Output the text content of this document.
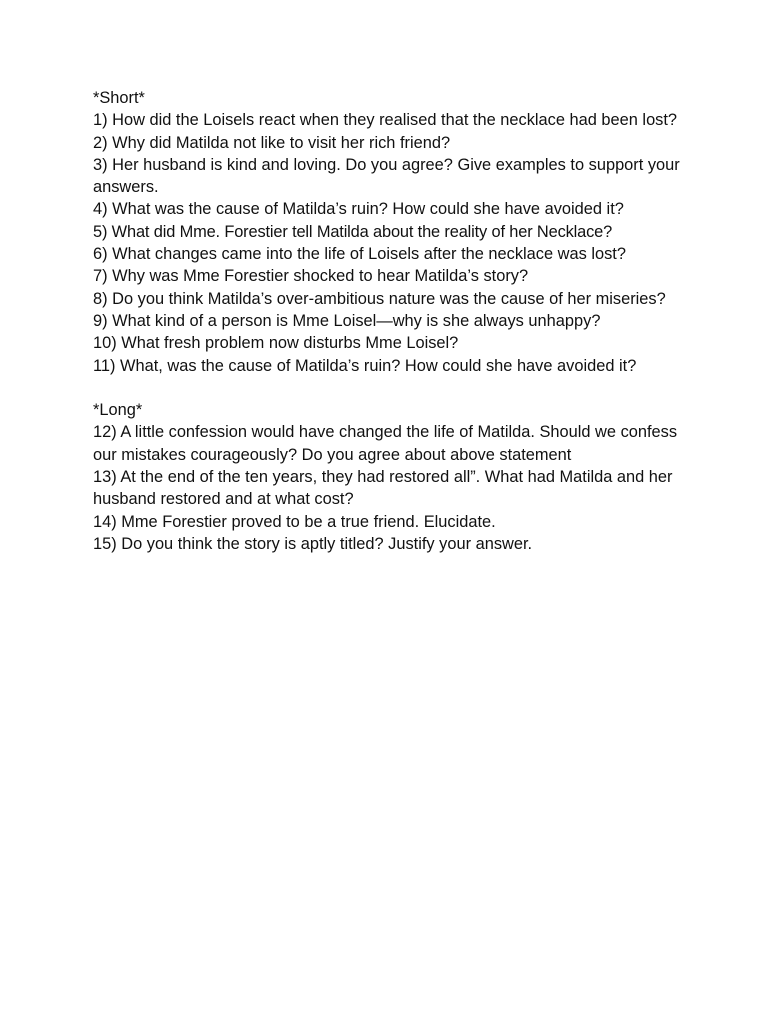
*Short*

1) How did the Loisels react when they realised that the necklace had been lost?
2) Why did Matilda not like to visit her rich friend?
3) Her husband is kind and loving. Do you agree? Give examples to support your answers.
4) What was the cause of Matilda’s ruin? How could she have avoided it?
5) What did Mme. Forestier tell Matilda about the reality of her Necklace?
6) What changes came into the life of Loisels after the necklace was lost?
7) Why was Mme Forestier shocked to hear Matilda’s story?
8) Do you think Matilda’s over-ambitious nature was the cause of her miseries?
9) What kind of a person is Mme Loisel—why is she always unhappy?
10) What fresh problem now disturbs Mme Loisel?
11) What, was the cause of Matilda’s ruin? How could she have avoided it?

*Long*

12) A little confession would have changed the life of Matilda. Should we confess our mistakes courageously? Do you agree about above statement
13) At the end of the ten years, they had restored all”. What had Matilda and her husband restored and at what cost?
14) Mme Forestier proved to be a true friend. Elucidate.
15) Do you think the story is aptly titled? Justify your answer.
